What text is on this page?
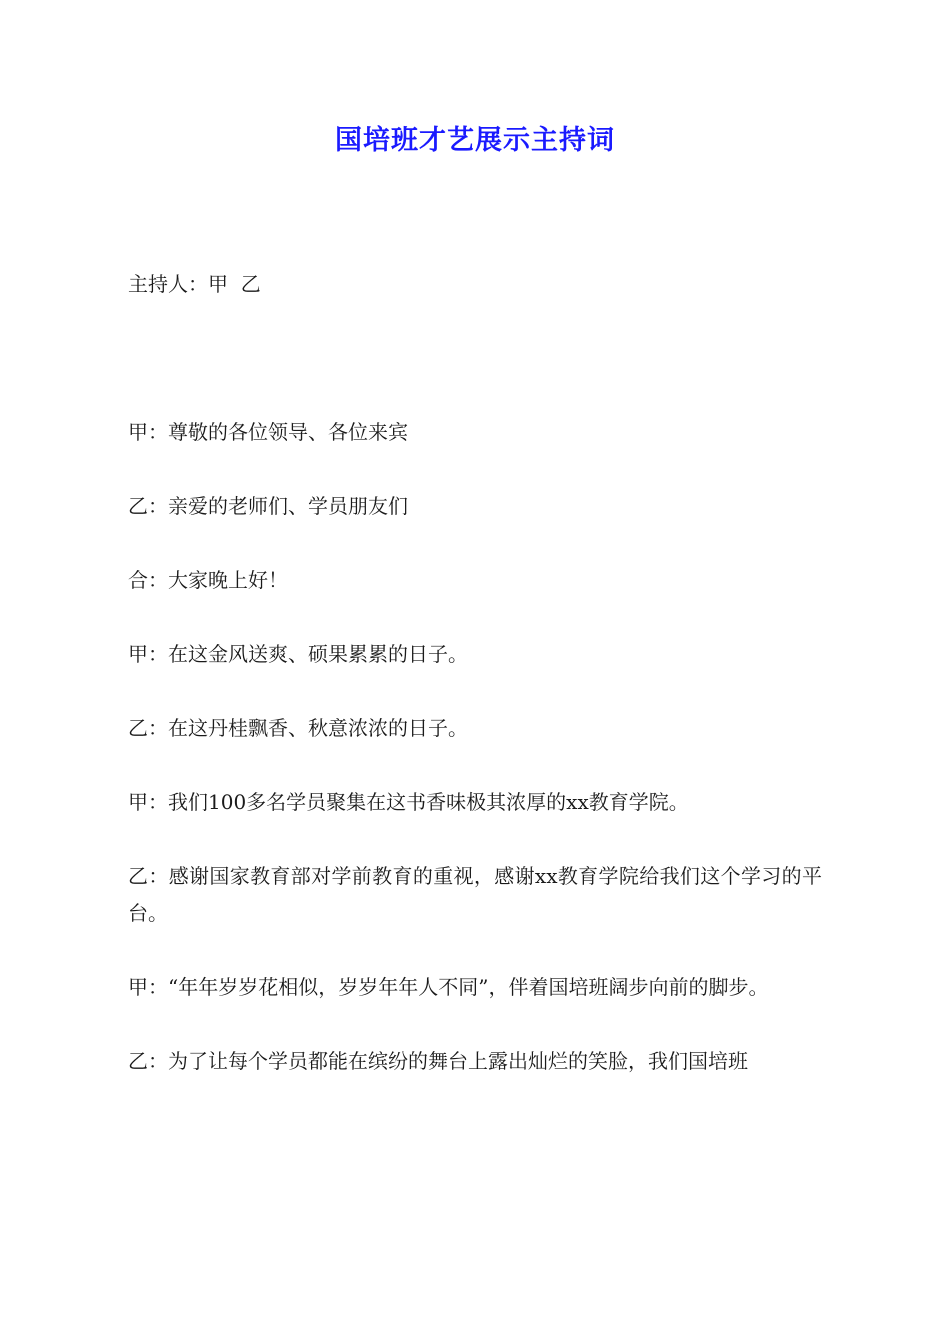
国培班才艺展示主持词
主持人：甲  乙

甲：尊敬的各位领导、各位来宾

乙：亲爱的老师们、学员朋友们

合：大家晚上好！

甲：在这金风送爽、硕果累累的日子。

乙：在这丹桂飘香、秋意浓浓的日子。

甲：我们100多名学员聚集在这书香味极其浓厚的xx教育学院。

乙：感谢国家教育部对学前教育的重视，感谢xx教育学院给我们这个学习的平台。

甲：“年年岁岁花相似，岁岁年年人不同”，伴着国培班阔步向前的脚步。

乙：为了让每个学员都能在缤纷的舞台上露出灿烂的笑脸，我们国培班
